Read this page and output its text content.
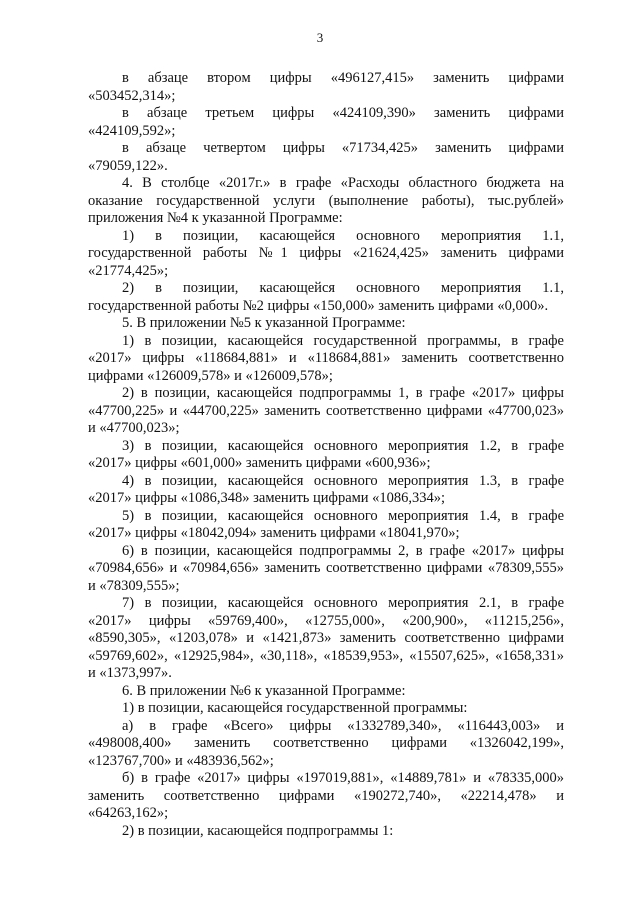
3

в абзаце вторoм цифры «496127,415» заменить цифрами
«503452,314»;

в абзаце третьем цифры «424109,390» заменить цифрами
«424109,592»;

в абзаце четвертом цифры «71734,425» заменить цифрами
«79059,122».

4. В столбце «2017г.» в графе «Расходы областного бюджета на
оказание государственной услуги (выполнение работы), тыс.рублей»
приложения №4 к указанной Программе:

1) в позиции, касающейся основного мероприятия 1.1,
государственной работы №1 цифры «21624,425» заменить цифрами
«21774,425»;

2) в позиции, касающейся основного мероприятия 1.1,
государственной работы №2 цифры «150,000» заменить цифрами «0,000».

5. В приложении №5 к указанной Программе:

1) в позиции, касающейся государственной программы, в графе
«2017» цифры «118684,881» и «118684,881» заменить соответственно
цифрами «126009,578» и «126009,578»;

2) в позиции, касающейся подпрограммы 1, в графе «2017» цифры
«47700,225» и «44700,225» заменить соответственно цифрами «47700,023»
и «47700,023»;

3) в позиции, касающейся основного мероприятия 1.2, в графе
«2017» цифры «601,000» заменить цифрами «600,936»;

4) в позиции, касающейся основного мероприятия 1.3, в графе
«2017» цифры «1086,348» заменить цифрами «1086,334»;

5) в позиции, касающейся основного мероприятия 1.4, в графе
«2017» цифры «18042,094» заменить цифрами «18041,970»;

6) в позиции, касающейся подпрограммы 2, в графе «2017» цифры
«70984,656» и «70984,656» заменить соответственно цифрами «78309,555»
и «78309,555»;

7) в позиции, касающейся основного мероприятия 2.1, в графе
«2017» цифры «59769,400», «12755,000», «200,900», «11215,256»,
«8590,305», «1203,078» и «1421,873» заменить соответственно цифрами
«59769,602», «12925,984», «30,118», «18539,953», «15507,625», «1658,331»
и «1373,997».

6. В приложении №6 к указанной Программе:

1) в позиции, касающейся государственной программы:

а) в графе «Всего» цифры «1332789,340», «116443,003» и
«498008,400» заменить соответственно цифрами «1326042,199»,
«123767,700» и «483936,562»;

б) в графе «2017» цифры «197019,881», «14889,781» и «78335,000»
заменить соответственно цифрами «190272,740», «22214,478» и
«64263,162»;

2) в позиции, касающейся подпрограммы 1:
